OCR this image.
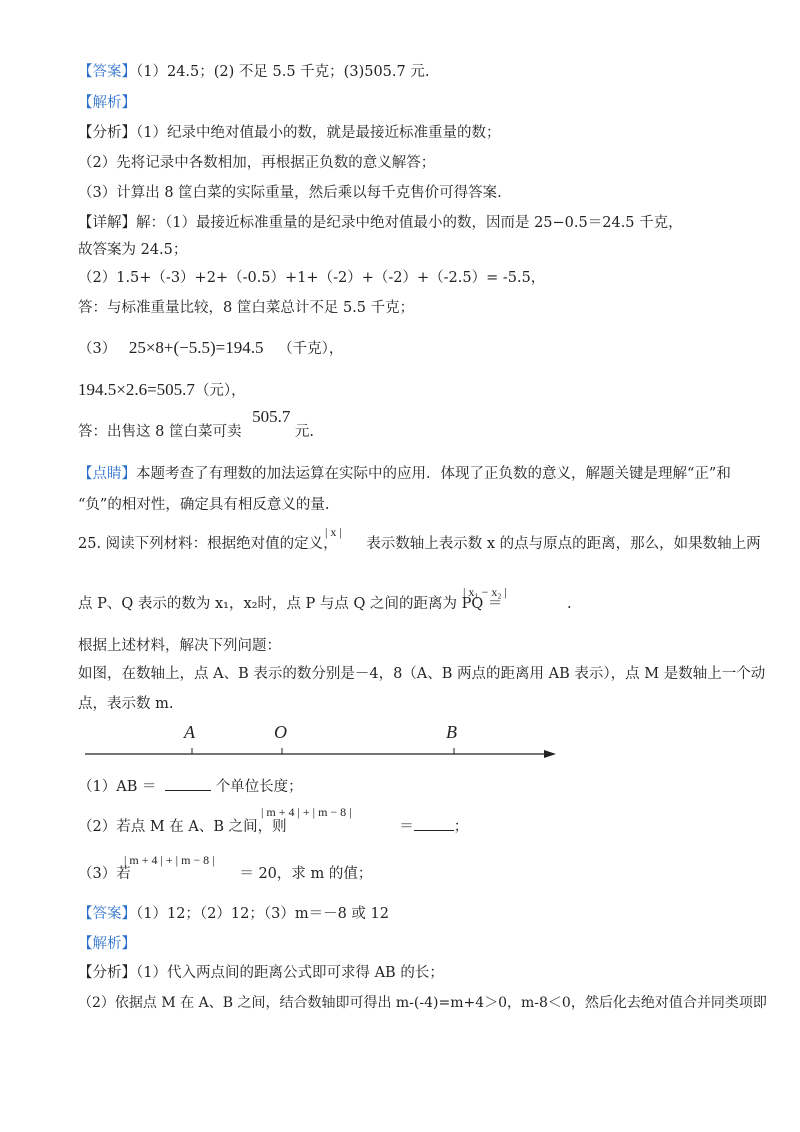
【答案】（1）24.5；(2) 不足 5.5 千克；(3)505.7 元.
【解析】
【分析】（1）纪录中绝对值最小的数，就是最接近标准重量的数；
（2）先将记录中各数相加，再根据正负数的意义解答；
（3）计算出 8 筐白菜的实际重量，然后乘以每千克售价可得答案.
【详解】解：（1）最接近标准重量的是纪录中绝对值最小的数，因而是 25−0.5＝24.5 千克，
故答案为 24.5；
（2）1.5+（-3）+2+（-0.5）+1+（-2）+（-2）+（-2.5）= -5.5，
答：与标准重量比较，8 筐白菜总计不足 5.5 千克；
（3） 25×8+(−5.5)=194.5 （千克），
194.5×2.6=505.7（元），
答：出售这 8 筐白菜可卖 505.7 元.
【点睛】本题考查了有理数的加法运算在实际中的应用．体现了正负数的意义，解题关键是理解“正”和
“负”的相对性，确定具有相反意义的量.
25. 阅读下列材料：根据绝对值的定义，
| x |
表示数轴上表示数 x 的点与原点的距离，那么，如果数轴上两
点 P、Q 表示的数为 x₁，x₂时，点 P 与点 Q 之间的距离为 PQ ＝
| x₁ − x₂ |
.
根据上述材料，解决下列问题：
如图，在数轴上，点 A、B 表示的数分别是－4，8（A、B 两点的距离用 AB 表示），点 M 是数轴上一个动
点，表示数 m.
A	O	B
（1）AB ＝	个单位长度；
（2）若点 M 在 A、B 之间，则
| m + 4 | + | m − 8 |
＝	；
（3）若
| m + 4 | + | m − 8 |
＝ 20，求 m 的值；
【答案】（1）12；（2）12；（3）m＝－8 或 12
【解析】
【分析】（1）代入两点间的距离公式即可求得 AB 的长；
（2）依据点 M 在 A、B 之间，结合数轴即可得出 m-(-4)=m+4＞0，m-8＜0，然后化去绝对值合并同类项即
